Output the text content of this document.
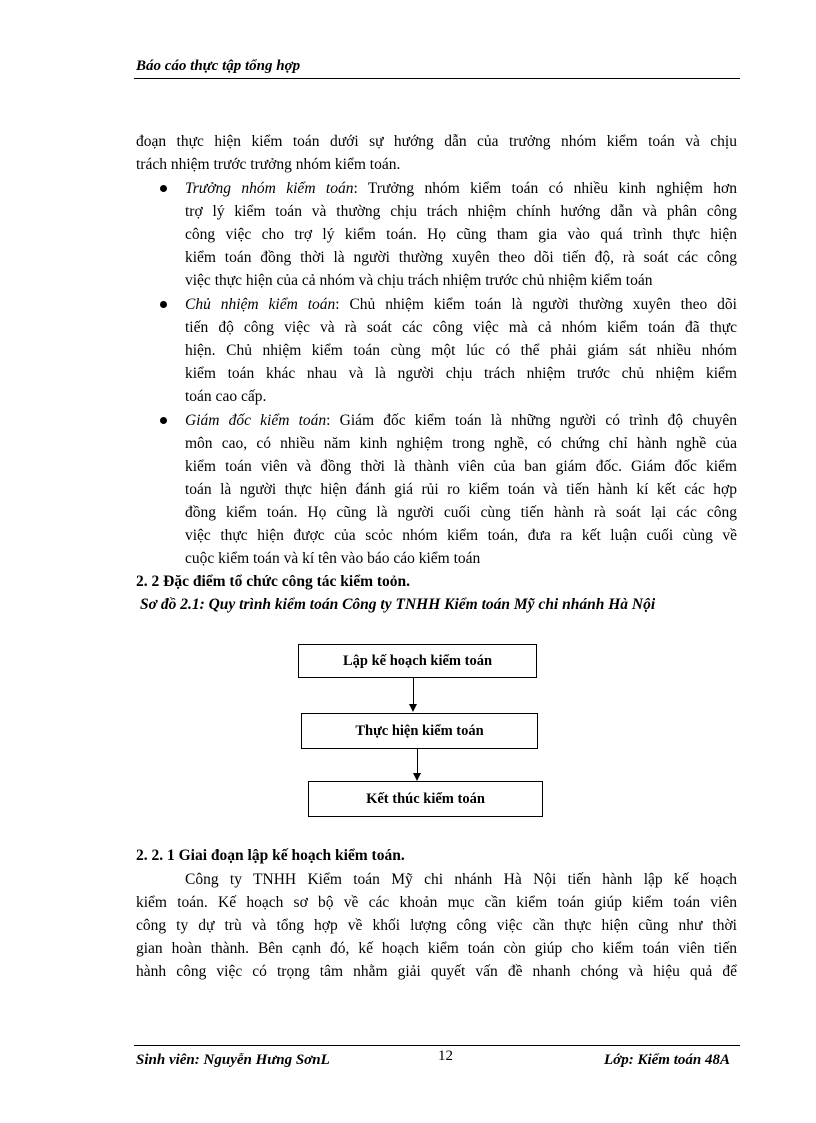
Báo cáo thực tập tổng hợp
đoạn thực hiện kiểm toán dưới sự hướng dẫn của trưởng nhóm kiểm toán và chịu
trách nhiệm trước trưởng nhóm kiểm toán.
Trưởng nhóm kiểm toán: Trưởng nhóm kiểm toán có nhiều kinh nghiệm hơn
trợ lý kiểm toán và thường chịu trách nhiệm chính hướng dẫn và phân công
công việc cho trợ lý kiểm toán. Họ cũng tham gia vào quá trình thực hiện
kiểm toán đồng thời là người thường xuyên theo dõi tiến độ, rà soát các công
việc thực hiện của cả nhóm và chịu trách nhiệm trước chủ nhiệm kiểm toán
Chủ nhiệm kiểm toán: Chủ nhiệm kiểm toán là người thường xuyên theo dõi
tiến độ công việc và rà soát các công việc mà cả nhóm kiểm toán đã thực
hiện. Chủ nhiệm kiểm toán cùng một lúc có thể phải giám sát nhiều nhóm
kiểm toán khác nhau và là người chịu trách nhiệm trước chủ nhiệm kiểm
toán cao cấp.
Giám đốc kiểm toán: Giám đốc kiểm toán là những người có trình độ chuyên
môn cao, có nhiều năm kinh nghiệm trong nghề, có chứng chỉ hành nghề của
kiểm toán viên và đồng thời là thành viên của ban giám đốc. Giám đốc kiểm
toán là người thực hiện đánh giá rủi ro kiểm toán và tiến hành kí kết các hợp
đồng kiểm toán. Họ cũng là người cuối cùng tiến hành rà soát lại các công
việc thực hiện được của scỏc nhóm kiểm toán, đưa ra kết luận cuối cùng về
cuộc kiểm toán và kí tên vào báo cáo kiểm toán
2. 2 Đặc điểm tổ chức công tác kiểm toỏn.
Sơ đồ 2.1: Quy trình kiểm toán Công ty TNHH Kiểm toán Mỹ chi nhánh Hà Nội
Lập kế hoạch kiểm toán
Thực hiện kiểm toán
Kết thúc kiểm toán
2. 2. 1 Giai đoạn lập kế hoạch kiểm toán.
Công ty TNHH Kiểm toán Mỹ chi nhánh Hà Nội tiến hành lập kế hoạch
kiểm toán. Kế hoạch sơ bộ về các khoản mục cần kiểm toán giúp kiểm toán viên
công ty dự trù và tổng hợp về khối lượng công việc cần thực hiện cũng như thời
gian hoàn thành. Bên cạnh đó, kế hoạch kiểm toán còn giúp cho kiểm toán viên tiến
hành công việc có trọng tâm nhằm giải quyết vấn đề nhanh chóng và hiệu quả để
Sinh viên: Nguyễn Hưng SơnL	12	Lớp: Kiểm toán 48A
